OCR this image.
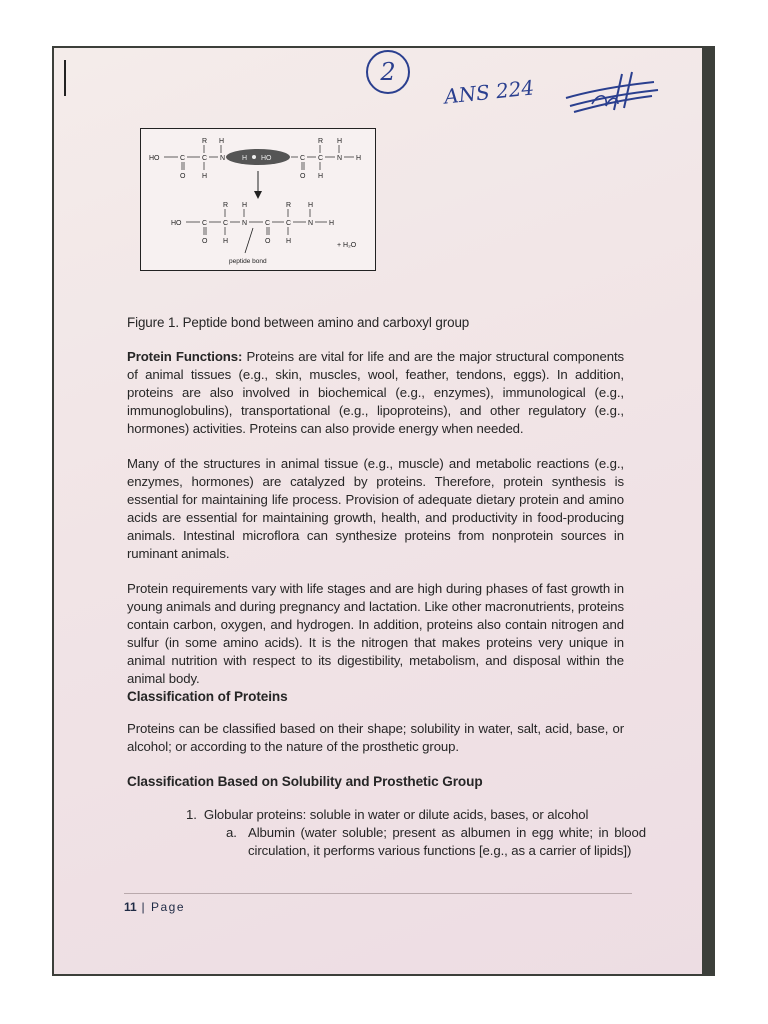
2
ANS 224
R H
HO	C C N
O H
H HO
R H
C C N H
O H
R H	R H
HO	C C N	C C N H
O H	O H
+ H₂O
peptide bond
Figure 1. Peptide bond between amino and carboxyl group
Protein Functions: Proteins are vital for life and are the major structural components of animal tissues (e.g., skin, muscles, wool, feather, tendons, eggs). In addition, proteins are also involved in biochemical (e.g., enzymes), immunological (e.g., immunoglobulins), transportational (e.g., lipoproteins), and other regulatory (e.g., hormones) activities. Proteins can also provide energy when needed.
Many of the structures in animal tissue (e.g., muscle) and metabolic reactions (e.g., enzymes, hormones) are catalyzed by proteins. Therefore, protein synthesis is essential for maintaining life process. Provision of adequate dietary protein and amino acids are essential for maintaining growth, health, and productivity in food-producing animals. Intestinal microflora can synthesize proteins from nonprotein sources in ruminant animals.
Protein requirements vary with life stages and are high during phases of fast growth in young animals and during pregnancy and lactation. Like other macronutrients, proteins contain carbon, oxygen, and hydrogen. In addition, proteins also contain nitrogen and sulfur (in some amino acids). It is the nitrogen that makes proteins very unique in animal nutrition with respect to its digestibility, metabolism, and disposal within the animal body.
Classification of Proteins
Proteins can be classified based on their shape; solubility in water, salt, acid, base, or alcohol; or according to the nature of the prosthetic group.
Classification Based on Solubility and Prosthetic Group
1.  Globular proteins: soluble in water or dilute acids, bases, or alcohol
a.  Albumin (water soluble; present as albumen in egg white; in blood circulation, it performs various functions [e.g., as a carrier of lipids])
11 | Page
